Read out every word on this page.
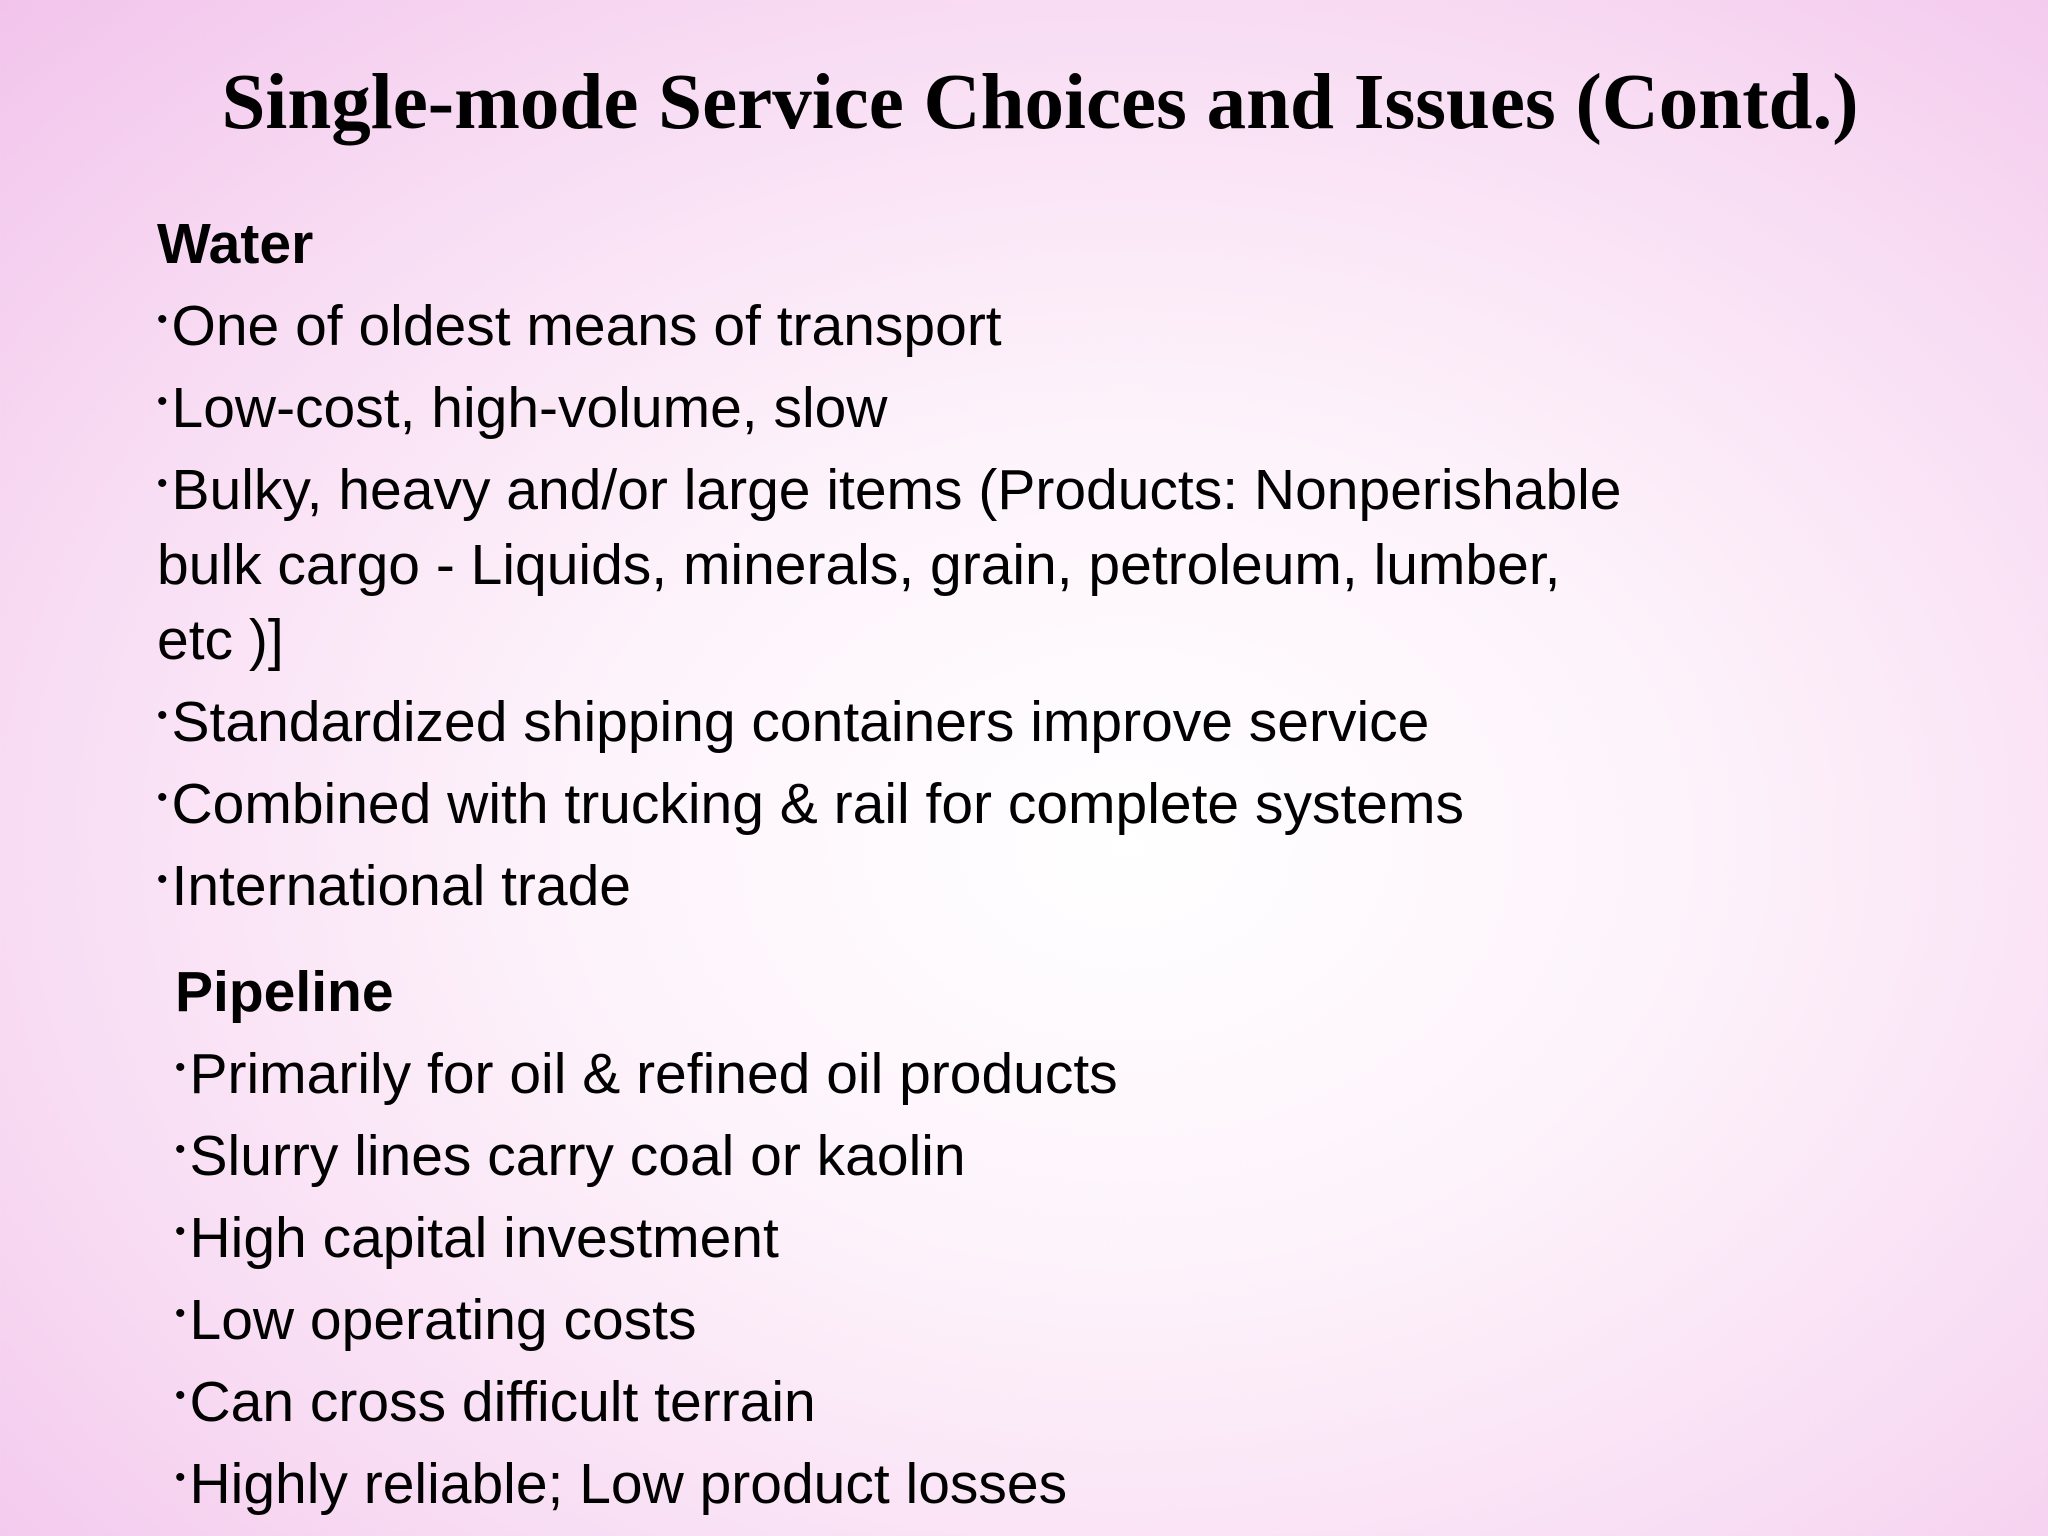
Single-mode Service Choices and Issues (Contd.)
Water
•One of oldest means of transport
•Low-cost, high-volume, slow
•Bulky, heavy and/or large items (Products: Nonperishable
bulk cargo - Liquids, minerals, grain, petroleum, lumber,
etc )]
•Standardized shipping containers improve service
•Combined with trucking & rail for complete systems
•International trade
Pipeline
•Primarily for oil & refined oil products
•Slurry lines carry coal or kaolin
•High capital investment
•Low operating costs
•Can cross difficult terrain
•Highly reliable; Low product losses
